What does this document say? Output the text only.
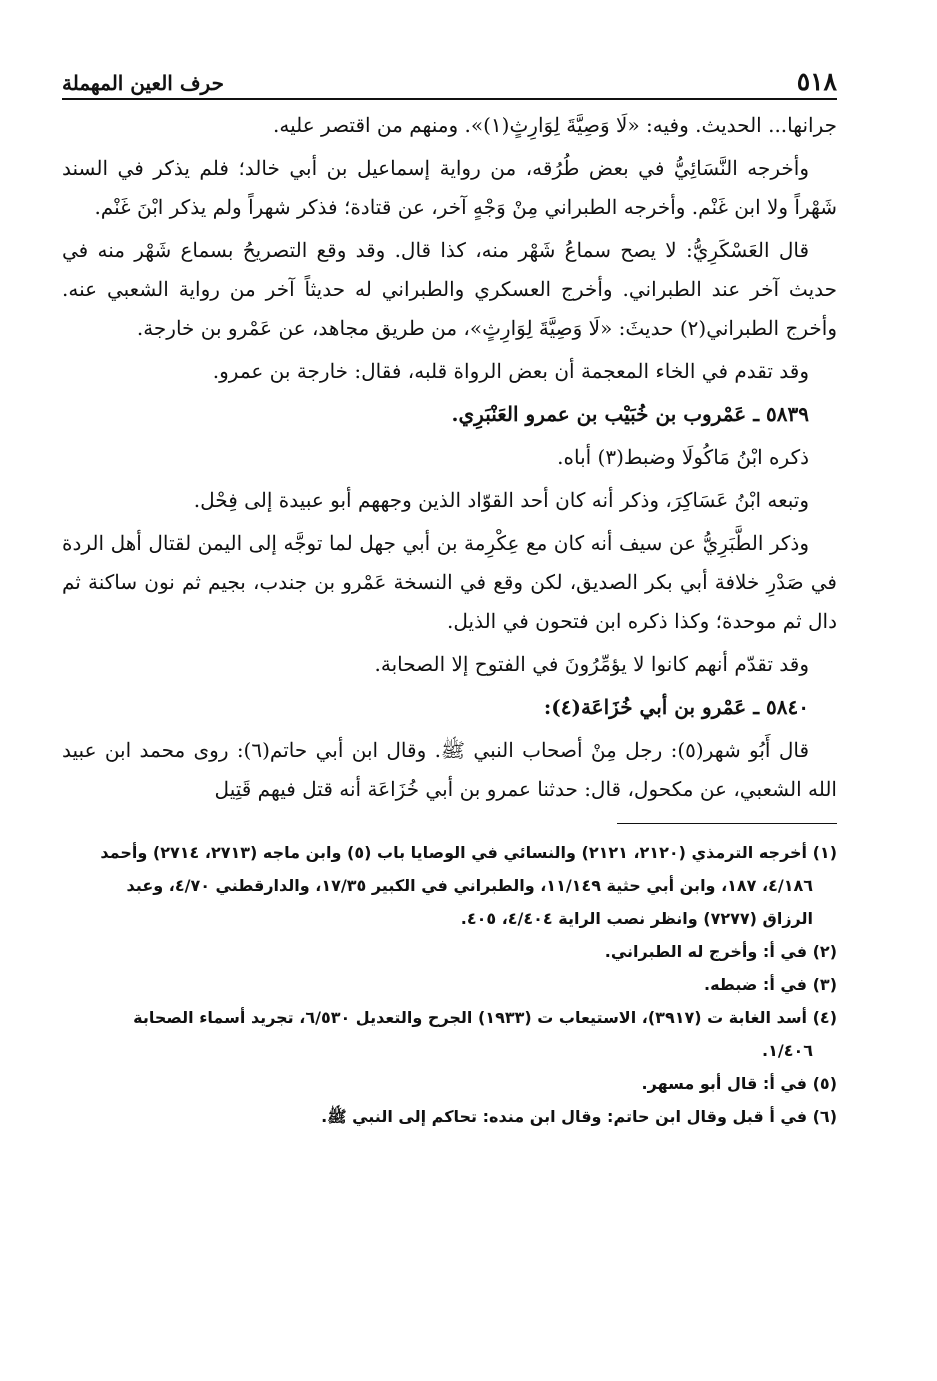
٥١٨
حرف العين المهملة

جرانها... الحديث. وفيه: «لَا وَصِيَّةَ لِوَارِثٍ(١)». ومنهم من اقتصر عليه.

وأخرجه النَّسَائِيُّ في بعض طُرُقه، من رواية إسماعيل بن أبي خالد؛ فلم يذكر في السند شَهْراً ولا ابن غَنْم. وأخرجه الطبراني مِنْ وَجْهٍ آخر، عن قتادة؛ فذكر شهراً ولم يذكر ابْنَ غَنْم.

قال العَسْكَرِيُّ: لا يصح سماعُ شَهْر منه، كذا قال. وقد وقع التصريحُ بسماع شَهْر منه في حديث آخر عند الطبراني. وأخرج العسكري والطبراني له حديثاً آخر من رواية الشعبي عنه. وأخرج الطبراني(٢) حديثَ: «لَا وَصِيَّةَ لِوَارِثٍ»، من طريق مجاهد، عن عَمْرو بن خارجة.

وقد تقدم في الخاء المعجمة أن بعض الرواة قلبه، فقال: خارجة بن عمرو.

٥٨٣٩ ـ عَمْروب بن خُبَيْب بن عمرو العَنْبَرِي.

ذكره ابْنُ مَاكُولَا وضبط(٣) أباه.

وتبعه ابْنُ عَسَاكِرَ، وذكر أنه كان أحد القوّاد الذين وجههم أبو عبيدة إلى فِحْل.

وذكر الطَّبَرِيُّ عن سيف أنه كان مع عِكْرِمة بن أبي جهل لما توجَّه إلى اليمن لقتال أهل الردة في صَدْرِ خلافة أبي بكر الصديق، لكن وقع في النسخة عَمْرو بن جندب، بجيم ثم نون ساكنة ثم دال ثم موحدة؛ وكذا ذكره ابن فتحون في الذيل.

وقد تقدّم أنهم كانوا لا يؤمِّرُونَ في الفتوح إلا الصحابة.

٥٨٤٠ ـ عَمْرو بن أبي خُزَاعَة(٤):

قال أَبُو شهر(٥): رجل مِنْ أصحاب النبي ﷺ. وقال ابن أبي حاتم(٦): روى محمد ابن عبيد الله الشعبي، عن مكحول، قال: حدثنا عمرو بن أبي خُزَاعَة أنه قتل فيهم قَتِيل

(١) أخرجه الترمذي (٢١٢٠، ٢١٢١) والنسائي في الوصايا باب (٥) وابن ماجه (٢٧١٣، ٢٧١٤) وأحمد

٤/١٨٦، ١٨٧، وابن أبي حثية ١١/١٤٩، والطبراني في الكبير ١٧/٣٥، والدارقطني ٤/٧٠، وعبد

الرزاق (٧٢٧٧) وانظر نصب الراية ٤/٤٠٤، ٤٠٥.

(٢) في أ: وأخرج له الطبراني.

(٣) في أ: ضبطه.

(٤) أسد الغابة ت (٣٩١٧)، الاستيعاب ت (١٩٣٣) الجرح والتعديل ٦/٥٣٠، تجريد أسماء الصحابة

١/٤٠٦.

(٥) في أ: قال أبو مسهر.

(٦) في أ قبل وقال ابن حاتم: وقال ابن منده: تحاكم إلى النبي ﷺ.
